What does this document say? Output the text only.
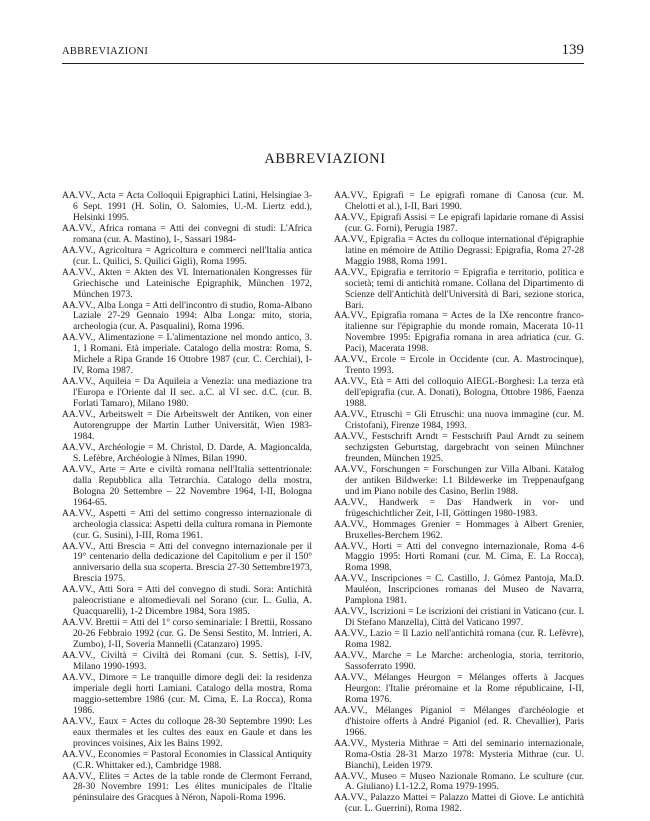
ABBREVIAZIONI	139
ABBREVIAZIONI

AA.VV., Acta = Acta Colloquii Epigraphici Latini, Helsingiae 3-6 Sept. 1991 (H. Solin, O. Salomies, U.-M. Liertz edd.), Helsinki 1995.

AA.VV., Africa romana = Atti dei convegni di studi: L'Africa romana (cur. A. Mastino), I-, Sassari 1984-

AA.VV., Agricoltura = Agricoltura e commerci nell'Italia antica (cur. L. Quilici, S. Quilici Gigli), Roma 1995.

AA.VV., Akten = Akten des VI. Internationalen Kongresses für Griechische und Lateinische Epigraphik, München 1972, München 1973.

AA.VV., Alba Longa = Atti dell'incontro di studio, Roma-Albano Laziale 27-29 Gennaio 1994: Alba Longa: mito, storia, archeologia (cur. A. Pasqualini), Roma 1996.

AA.VV., Alimentazione = L'alimentazione nel mondo antico, 3. 1, I Romani. Età imperiale. Catalogo della mostra: Roma, S. Michele a Ripa Grande 16 Ottobre 1987 (cur. C. Cerchiai), I-IV, Roma 1987.

AA.VV., Aquileia = Da Aquileia a Venezia: una mediazione tra l'Europa e l'Oriente dal II sec. a.C. al VI sec. d.C. (cur. B. Forlati Tamaro), Milano 1980.

AA.VV., Arbeitswelt = Die Arbeitswelt der Antiken, von einer Autorengruppe der Martin Luther Universität, Wien 1983-1984.

AA.VV., Archéologie = M. Christol, D. Darde, A. Magioncalda, S. Lefèbre, Archéologie à Nîmes, Bilan 1990.

AA.VV., Arte = Arte e civiltà romana nell'Italia settentrionale: dalla Repubblica alla Tetrarchia. Catalogo della mostra, Bologna 20 Settembre – 22 Novembre 1964, I-II, Bologna 1964-65.

AA.VV., Aspetti = Atti del settimo congresso internazionale di archeologia classica: Aspetti della cultura romana in Piemonte (cur. G. Susini), I-III, Roma 1961.

AA.VV., Atti Brescia = Atti del convegno internazionale per il 19° centenario della dedicazione del Capitolium e per il 150° anniversario della sua scoperta. Brescia 27-30 Settembre1973, Brescia 1975.

AA.VV., Atti Sora = Atti del convegno di studi. Sora: Antichità paleocristiane e altomedievali nel Sorano (cur. L. Gulia, A. Quacquarelli), 1-2 Dicembre 1984, Sora 1985.

AA.VV. Brettii = Atti del 1° corso seminariale: I Brettii, Rossano 20-26 Febbraio 1992 (cur. G. De Sensi Sestito, M. Intrieri, A. Zumbo), I-II, Soveria Mannelli (Catanzaro) 1995.

AA.VV., Civiltà = Civiltà dei Romani (cur. S. Settis), I-IV, Milano 1990-1993.

AA.VV., Dimore = Le tranquille dimore degli dei: la residenza imperiale degli horti Lamiani. Catalogo della mostra, Roma maggio-settembre 1986 (cur. M. Cima, E. La Rocca), Roma 1986.

AA.VV., Eaux = Actes du colloque 28-30 Septembre 1990: Les eaux thermales et les cultes des eaux en Gaule et dans les provinces voisines, Aix les Bains 1992.

AA.VV., Economies = Pastoral Economies in Classical Antiquity (C.R. Whittaker ed.), Cambridge 1988.

AA.VV., Elites = Actes de la table ronde de Clermont Ferrand, 28-30 Novembre 1991: Les élites municipales de l'Italie péninsulaire des Gracques à Néron, Napoli-Roma 1996.

AA.VV., Epigrafi = Le epigrafi romane di Canosa (cur. M. Chelotti et al.), I-II, Bari 1990.

AA.VV., Epigrafi Assisi = Le epigrafi lapidarie romane di Assisi (cur. G. Forni), Perugia 1987.

AA.VV., Epigrafia = Actes du colloque international d'épigraphie latine en mémoire de Attilio Degrassi: Epigrafia, Roma 27-28 Maggio 1988, Roma 1991.

AA.VV., Epigrafia e territorio = Epigrafia e territorio, politica e società; temi di antichità romane. Collana del Dipartimento di Scienze dell'Antichità dell'Università di Bari, sezione storica, Bari.

AA.VV., Epigrafia romana = Actes de la IXe rencontre franco-italienne sur l'épigraphie du monde romain, Macerata 10-11 Novembre 1995: Epigrafia romana in area adriatica (cur. G. Paci), Macerata 1998.

AA.VV., Ercole = Ercole in Occidente (cur. A. Mastrocinque), Trento 1993.

AA.VV., Età = Atti del colloquio AIEGL-Borghesi: La terza età dell'epigrafia (cur. A. Donati), Bologna, Ottobre 1986, Faenza 1988.

AA.VV., Etruschi = Gli Etruschi: una nuova immagine (cur. M. Cristofani), Firenze 1984, 1993.

AA.VV., Festschrift Arndt = Festschrift Paul Arndt zu seinem sechzigsten Geburtstag, dargebracht von seinen Münchner freunden, München 1925.

AA.VV., Forschungen = Forschungen zur Villa Albani. Katalog der antiken Bildwerke: I.1 Bildewerke im Treppenaufgang und im Piano nobile des Casino, Berlin 1988.

AA.VV., Handwerk = Das Handwerk in vor- und frügeschichtlicher Zeit, I-II, Göttingen 1980-1983.

AA.VV., Hommages Grenier = Hommages à Albert Grenier, Bruxelles-Berchem 1962.

AA.VV., Horti = Atti del convegno internazionale, Roma 4-6 Maggio 1995: Horti Romani (cur. M. Cima, E. La Rocca), Roma 1998.

AA.VV., Inscripciones = C. Castillo, J. Gómez Pantoja, Ma.D. Mauléon, Inscripciones romanas del Museo de Navarra, Pamplona 1981.

AA.VV., Iscrizioni = Le iscrizioni dei cristiani in Vaticano (cur. I. Di Stefano Manzella), Città del Vaticano 1997.

AA.VV., Lazio = Il Lazio nell'antichità romana (cur. R. Lefèvre), Roma 1982.

AA.VV., Marche = Le Marche: archeologia, storia, territorio, Sassoferrato 1990.

AA.VV., Mélanges Heurgon = Mélanges offerts à Jacques Heurgon: l'Italie préromaine et la Rome républicaine, I-II, Roma 1976.

AA.VV., Mélanges Piganiol = Mélanges d'archéologie et d'histoire offerts à André Piganiol (ed. R. Chevallier), Paris 1966.

AA.VV., Mysteria Mithrae = Atti del seminario internazionale, Roma-Ostia 28-31 Marzo 1978: Mysteria Mithrae (cur. U. Bianchi), Leiden 1979.

AA.VV., Museo = Museo Nazionale Romano. Le sculture (cur. A. Giuliano) I.1-12.2, Roma 1979-1995.

AA.VV., Palazzo Mattei = Palazzo Mattei di Giove. Le antichità (cur. L. Guerrini), Roma 1982.
